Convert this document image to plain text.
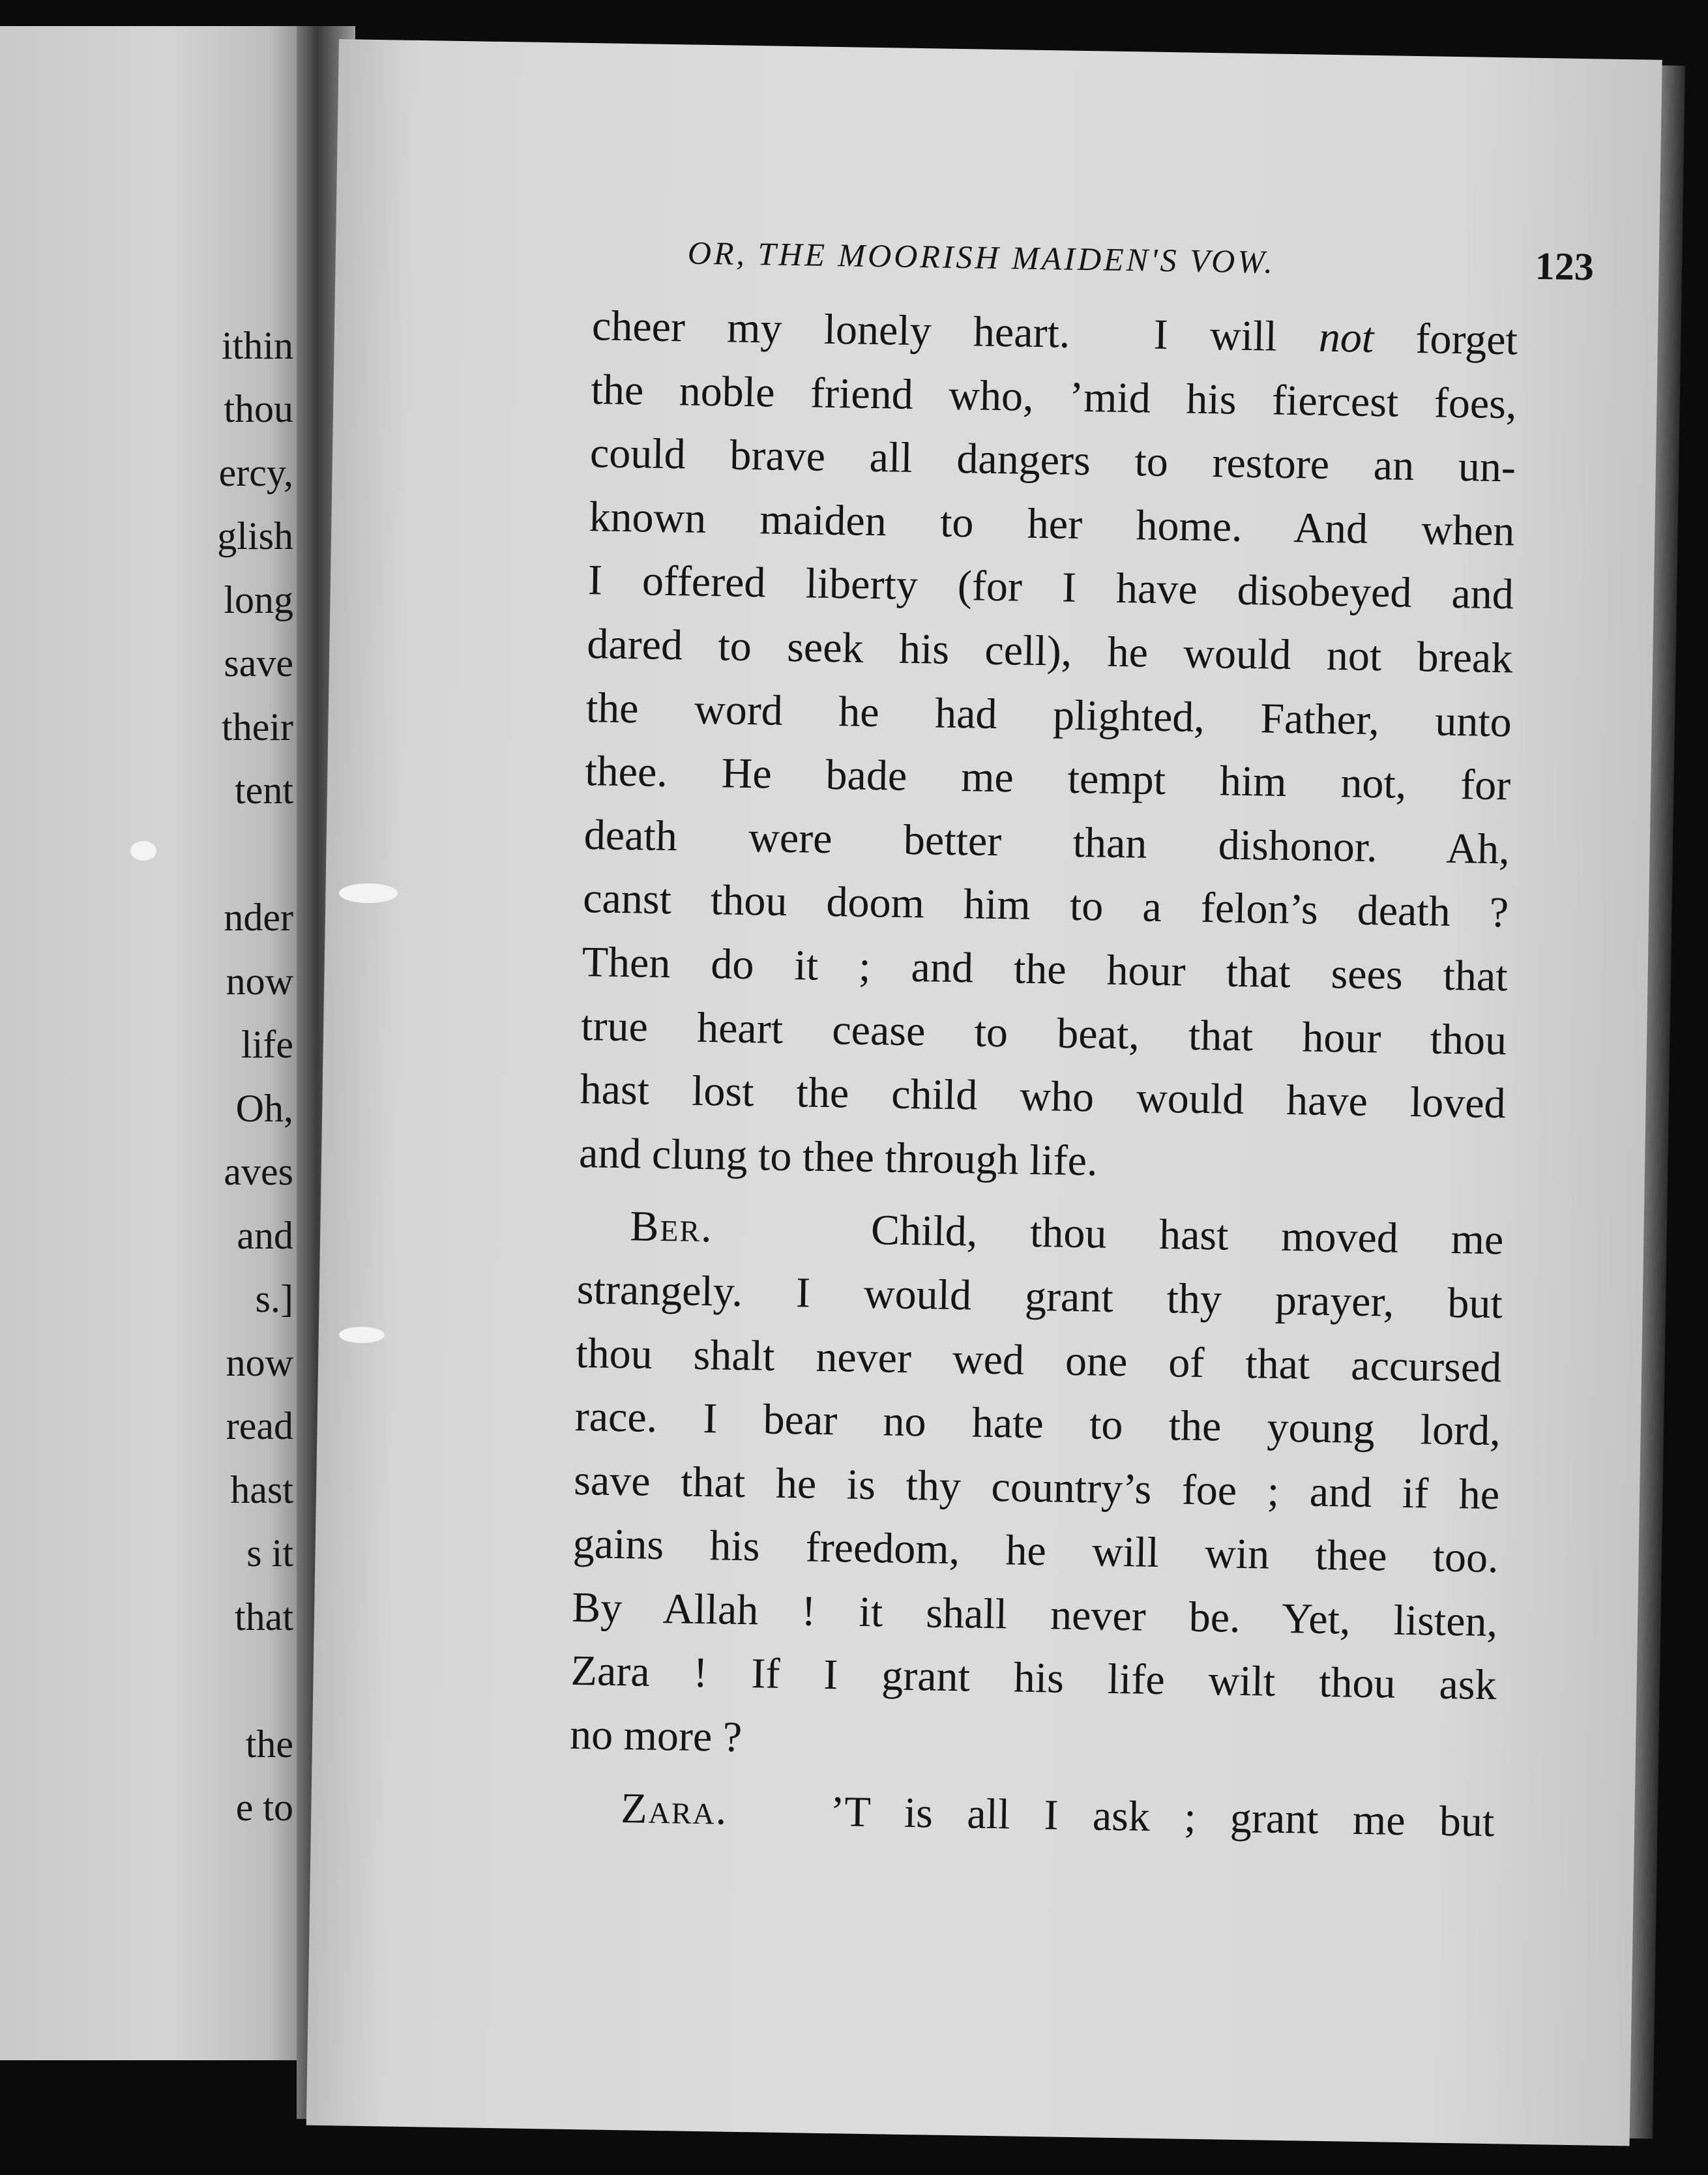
ithin
thou
ercy,
glish
long
save
their
tent
nder
now
life
Oh,
aves
and
s.]
now
read
hast
s it
that
the
e to
OR, THE MOORISH MAIDEN'S VOW.	123
cheer my lonely heart.  I will not forget
the noble friend who, ’mid his fiercest foes,
could brave all dangers to restore an un-
known maiden to her home. And when
I offered liberty (for I have disobeyed and
dared to seek his cell), he would not break
the word he had plighted, Father, unto
thee. He bade me tempt him not, for
death were better than dishonor. Ah,
canst thou doom him to a felon’s death ?
Then do it ; and the hour that sees that
true heart cease to beat, that hour thou
hast lost the child who would have loved
and clung to thee through life.
Ber.	Child, thou hast moved me
strangely. I would grant thy prayer, but
thou shalt never wed one of that accursed
race. I bear no hate to the young lord,
save that he is thy country’s foe ; and if he
gains his freedom, he will win thee too.
By Allah ! it shall never be. Yet, listen,
Zara ! If I grant his life wilt thou ask
no more ?
Zara. ’T is all I ask ; grant me but
